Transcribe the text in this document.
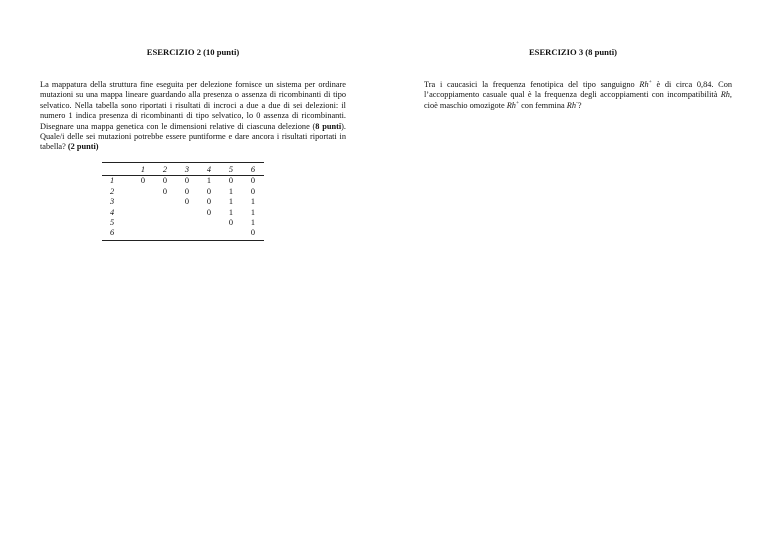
ESERCIZIO 2 (10 punti)
La mappatura della struttura fine eseguita per delezione fornisce un sistema per ordinare mutazioni su una mappa lineare guardando alla presenza o assenza di ricombinanti di tipo selvatico. Nella tabella sono riportati i risultati di incroci a due a due di sei delezioni: il numero 1 indica presenza di ricombinanti di tipo selvatico, lo 0 assenza di ricombinanti. Disegnare una mappa genetica con le dimensioni relative di ciascuna delezione (8 punti). Quale/i delle sei mutazioni potrebbe essere puntiforme e dare ancora i risultati riportati in tabella? (2 punti)
	1	2	3	4	5	6
1	0	0	0	1	0	0
2		0	0	0	1	0
3			0	0	1	1
4				0	1	1
5					0	1
6						0
ESERCIZIO 3 (8 punti)
Tra i caucasici la frequenza fenotipica del tipo sanguigno Rh+ è di circa 0,84. Con l’accoppiamento casuale qual è la frequenza degli accoppiamenti con incompatibilità Rh, cioè maschio omozigote Rh+ con femmina Rh-?
